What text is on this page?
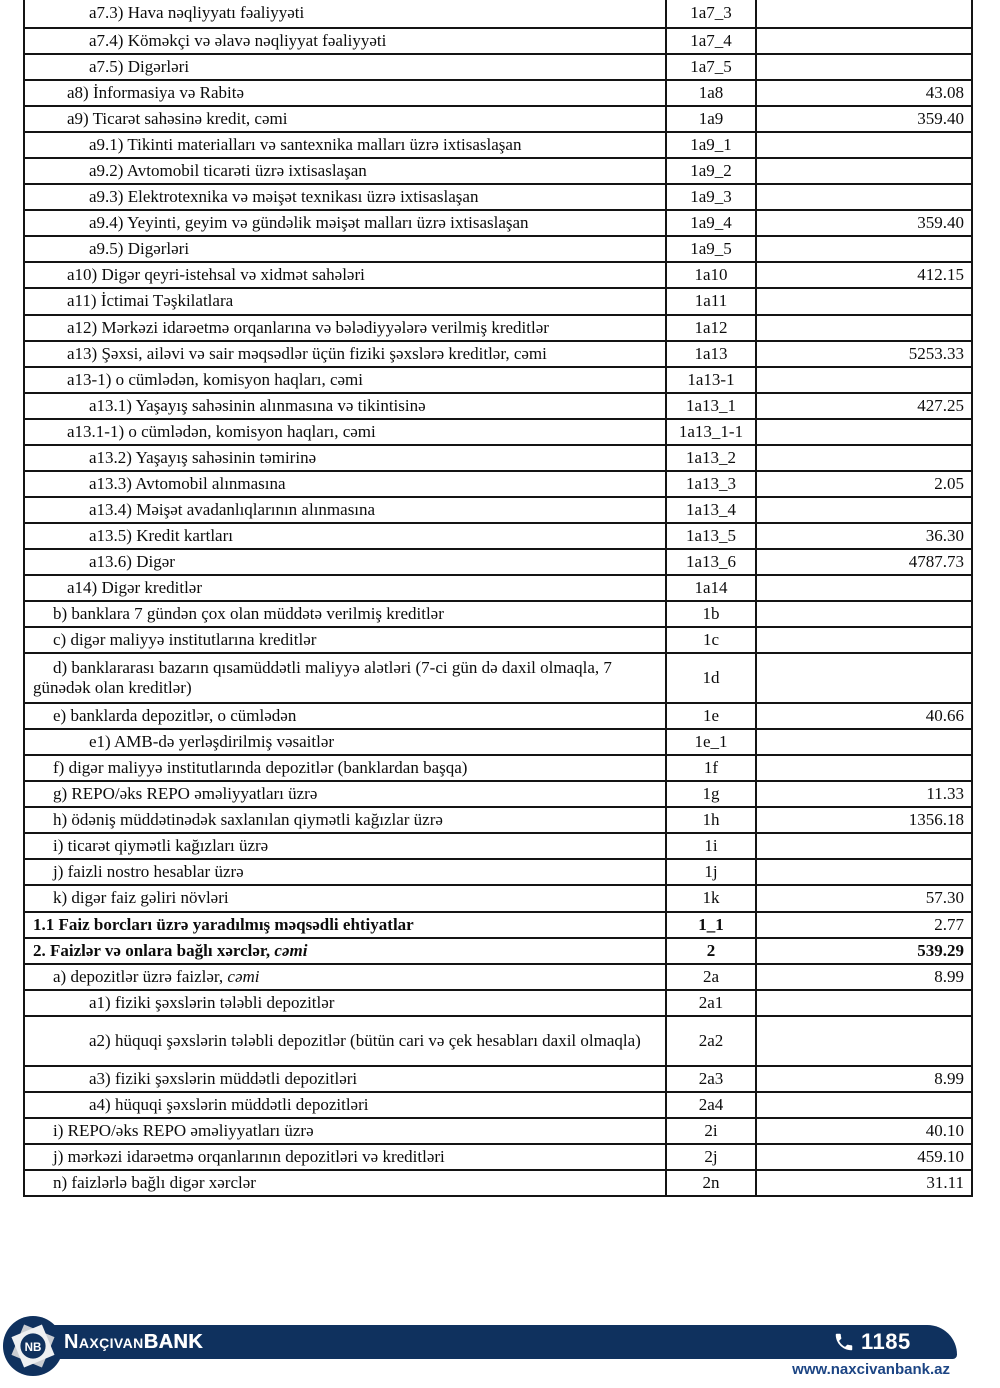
a7.3) Hava nəqliyyatı fəaliyyəti	1a7_3	
a7.4) Köməkçi və əlavə nəqliyyat fəaliyyəti	1a7_4	
a7.5) Digərləri	1a7_5	
a8) İnformasiya və Rabitə	1a8	43.08
a9) Ticarət sahəsinə kredit, cəmi	1a9	359.40
a9.1) Tikinti materialları və santexnika malları üzrə ixtisaslaşan	1a9_1	
a9.2) Avtomobil ticarəti üzrə ixtisaslaşan	1a9_2	
a9.3) Elektrotexnika və məişət texnikası üzrə ixtisaslaşan	1a9_3	
a9.4) Yeyinti, geyim və gündəlik məişət malları üzrə ixtisaslaşan	1a9_4	359.40
a9.5) Digərləri	1a9_5	
a10) Digər qeyri-istehsal və xidmət sahələri	1a10	412.15
a11) İctimai Təşkilatlara	1a11	
a12) Mərkəzi idarəetmə orqanlarına və bələdiyyələrə verilmiş kreditlər	1a12	
a13) Şəxsi, ailəvi və sair məqsədlər üçün fiziki şəxslərə kreditlər, cəmi	1a13	5253.33
a13-1) o cümlədən, komisyon haqları, cəmi	1a13-1	
a13.1) Yaşayış sahəsinin alınmasına və tikintisinə	1a13_1	427.25
a13.1-1) o cümlədən, komisyon haqları, cəmi	1a13_1-1	
a13.2) Yaşayış sahəsinin təmirinə	1a13_2	
a13.3) Avtomobil alınmasına	1a13_3	2.05
a13.4) Məişət avadanlıqlarının alınmasına	1a13_4	
a13.5) Kredit kartları	1a13_5	36.30
a13.6) Digər	1a13_6	4787.73
a14) Digər kreditlər	1a14	
b) banklara 7 gündən çox olan müddətə verilmiş kreditlər	1b	
c) digər maliyyə institutlarına kreditlər	1c	
d) banklararası bazarın qısamüddətli maliyyə alətləri (7-ci gün də daxil olmaqla, 7 günədək olan kreditlər)	1d	
e) banklarda depozitlər, o cümlədən	1e	40.66
e1) AMB-də yerləşdirilmiş vəsaitlər	1e_1	
f) digər maliyyə institutlarında depozitlər (banklardan başqa)	1f	
g) REPO/əks REPO əməliyyatları üzrə	1g	11.33
h) ödəniş müddətinədək saxlanılan qiymətli kağızlar üzrə	1h	1356.18
i) ticarət qiymətli kağızları üzrə	1i	
j) faizli nostro hesablar üzrə	1j	
k) digər faiz gəliri növləri	1k	57.30
1.1 Faiz borcları üzrə yaradılmış məqsədli ehtiyatlar	1_1	2.77
2. Faizlər və onlara bağlı xərclər, cəmi	2	539.29
a) depozitlər üzrə faizlər, cəmi	2a	8.99
a1) fiziki şəxslərin tələbli depozitlər	2a1	
a2) hüquqi şəxslərin tələbli depozitlər (bütün cari və çek hesabları daxil olmaqla)	2a2	
a3) fiziki şəxslərin müddətli depozitləri	2a3	8.99
a4) hüquqi şəxslərin müddətli depozitləri	2a4	
i) REPO/əks REPO əməliyyatları üzrə	2i	40.10
j) mərkəzi idarəetmə orqanlarının depozitləri və kreditləri	2j	459.10
n) faizlərlə bağlı digər xərclər	2n	31.11
NB NaxçıvanBANK	1185
www.naxcivanbank.az
